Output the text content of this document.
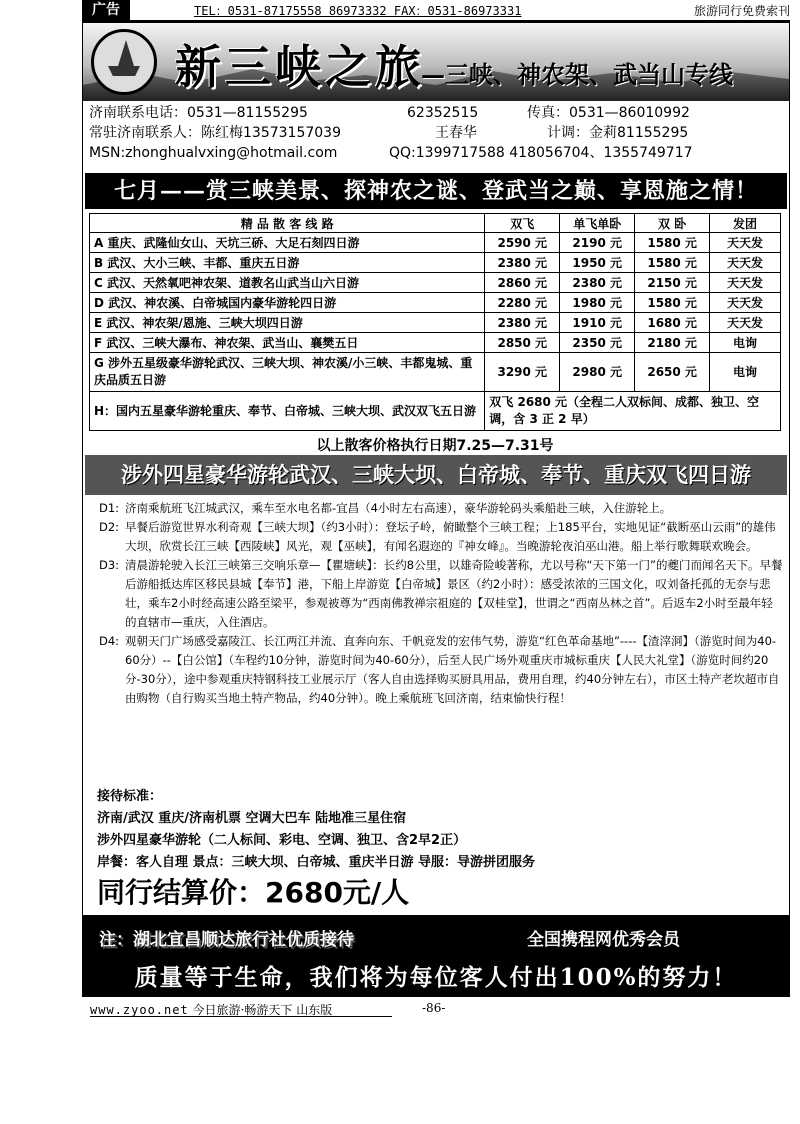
广告	TEL：0531-87175558 86973332 FAX：0531-86973331	旅游同行免费索刊
新三峡之旅
—三峡、神农架、武当山专线
济南联系电话：0531—81155295	62352515	传真：0531—86010992
常驻济南联系人：陈红梅13573157039	王春华	计调：金莉81155295
MSN:zhonghualvxing@hotmail.com	QQ:1399717588 418056704、1355749717
七月——赏三峡美景、探神农之谜、登武当之巅、享恩施之情！
精 品 散 客 线 路	双飞	单飞单卧	双 卧	发团
A 重庆、武隆仙女山、天坑三硚、大足石刻四日游	2590 元	2190 元	1580 元	天天发
B 武汉、大小三峡、丰都、重庆五日游	2380 元	1950 元	1580 元	天天发
C 武汉、天然氧吧神农架、道教名山武当山六日游	2860 元	2380 元	2150 元	天天发
D 武汉、神农溪、白帝城国内豪华游轮四日游	2280 元	1980 元	1580 元	天天发
E 武汉、神农架/恩施、三峡大坝四日游	2380 元	1910 元	1680 元	天天发
F 武汉、三峡大瀑布、神农架、武当山、襄樊五日	2850 元	2350 元	2180 元	电询
G 涉外五星级豪华游轮武汉、三峡大坝、神农溪/小三峡、丰都鬼城、重庆品质五日游	3290 元	2980 元	2650 元	电询
H：国内五星豪华游轮重庆、奉节、白帝城、三峡大坝、武汉双飞五日游	双飞 2680 元（全程二人双标间、成都、独卫、空调，含 3 正 2 早）			
以上散客价格执行日期7.25—7.31号
涉外四星豪华游轮武汉、三峡大坝、白帝城、奉节、重庆双飞四日游
D1: 济南乘航班飞江城武汉，乘车至水电名都-宜昌（4小时左右高速），豪华游轮码头乘船赴三峡，入住游轮上。
D2: 早餐后游览世界水利奇观【三峡大坝】（约3小时）：登坛子岭，俯瞰整个三峡工程；上185平台，实地见证“截断巫山云雨”的雄伟大坝，欣赏长江三峡【西陵峡】风光，观【巫峡】，有闻名遐迩的『神女峰』。当晚游轮夜泊巫山港。船上举行歌舞联欢晚会。
D3: 清晨游轮驶入长江三峡第三交响乐章—【瞿塘峡】：长约8公里，以雄奇险峻著称，尤以号称“天下第一门”的夔门而闻名天下。早餐后游船抵达库区移民县城【奉节】港，下船上岸游览【白帝城】景区（约2小时）：感受浓浓的三国文化，叹刘备托孤的无奈与悲壮，乘车2小时经高速公路至梁平，参观被尊为“西南佛教禅宗祖庭的【双桂堂】，世谓之“西南丛林之首”。后返车2小时至最年轻的直辖市—重庆，入住酒店。
D4: 观朝天门广场感受嘉陵江、长江两江并流、直奔向东、千帆竞发的宏伟气势，游览“红色革命基地”----【渣滓洞】（游览时间为40-60分）--【白公馆】（车程约10分钟，游览时间为40-60分），后至人民广场外观重庆市城标重庆【人民大礼堂】（游览时间约20分-30分），途中参观重庆特钢科技工业展示厅（客人自由选择购买厨具用品，费用自理，约40分钟左右），市区土特产老坎超市自由购物（自行购买当地土特产物品，约40分钟）。晚上乘航班飞回济南，结束愉快行程！
接待标准：
济南/武汉 重庆/济南机票 空调大巴车 陆地准三星住宿
涉外四星豪华游轮（二人标间、彩电、空调、独卫、含2早2正）
岸餐：客人自理 景点：三峡大坝、白帝城、重庆半日游 导服：导游拼团服务
同行结算价：2680元/人
注：湖北宜昌顺达旅行社优质接待	全国携程网优秀会员
质量等于生命，我们将为每位客人付出100%的努力！
www.zyoo.net 今日旅游·畅游天下 山东版	-86-
